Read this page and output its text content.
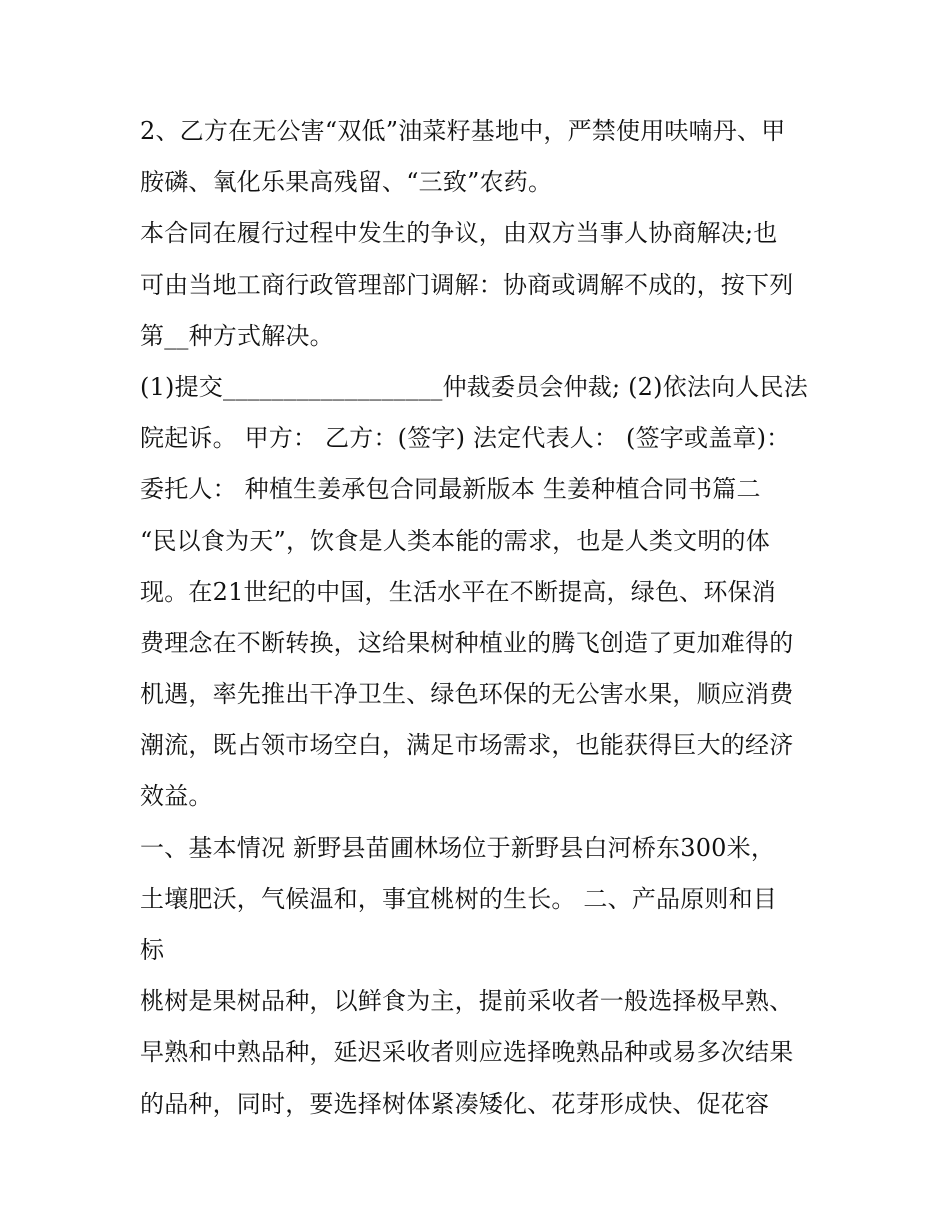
2、乙方在无公害“双低”油菜籽基地中，严禁使用呋喃丹、甲
胺磷、氧化乐果高残留、“三致”农药。
本合同在履行过程中发生的争议，由双方当事人协商解决;也
可由当地工商行政管理部门调解：协商或调解不成的，按下列
第__种方式解决。
(1)提交__________________仲裁委员会仲裁; (2)依法向人民法
院起诉。 甲方： 乙方：(签字) 法定代表人： (签字或盖章)：
委托人： 种植生姜承包合同最新版本 生姜种植合同书篇二
“民以食为天”，饮食是人类本能的需求，也是人类文明的体
现。在21世纪的中国，生活水平在不断提高，绿色、环保消
费理念在不断转换，这给果树种植业的腾飞创造了更加难得的
机遇，率先推出干净卫生、绿色环保的无公害水果，顺应消费
潮流，既占领市场空白，满足市场需求，也能获得巨大的经济
效益。
一、基本情况 新野县苗圃林场位于新野县白河桥东300米，
土壤肥沃，气候温和，事宜桃树的生长。 二、产品原则和目
标
桃树是果树品种，以鲜食为主，提前采收者一般选择极早熟、
早熟和中熟品种，延迟采收者则应选择晚熟品种或易多次结果
的品种，同时，要选择树体紧凑矮化、花芽形成快、促花容
